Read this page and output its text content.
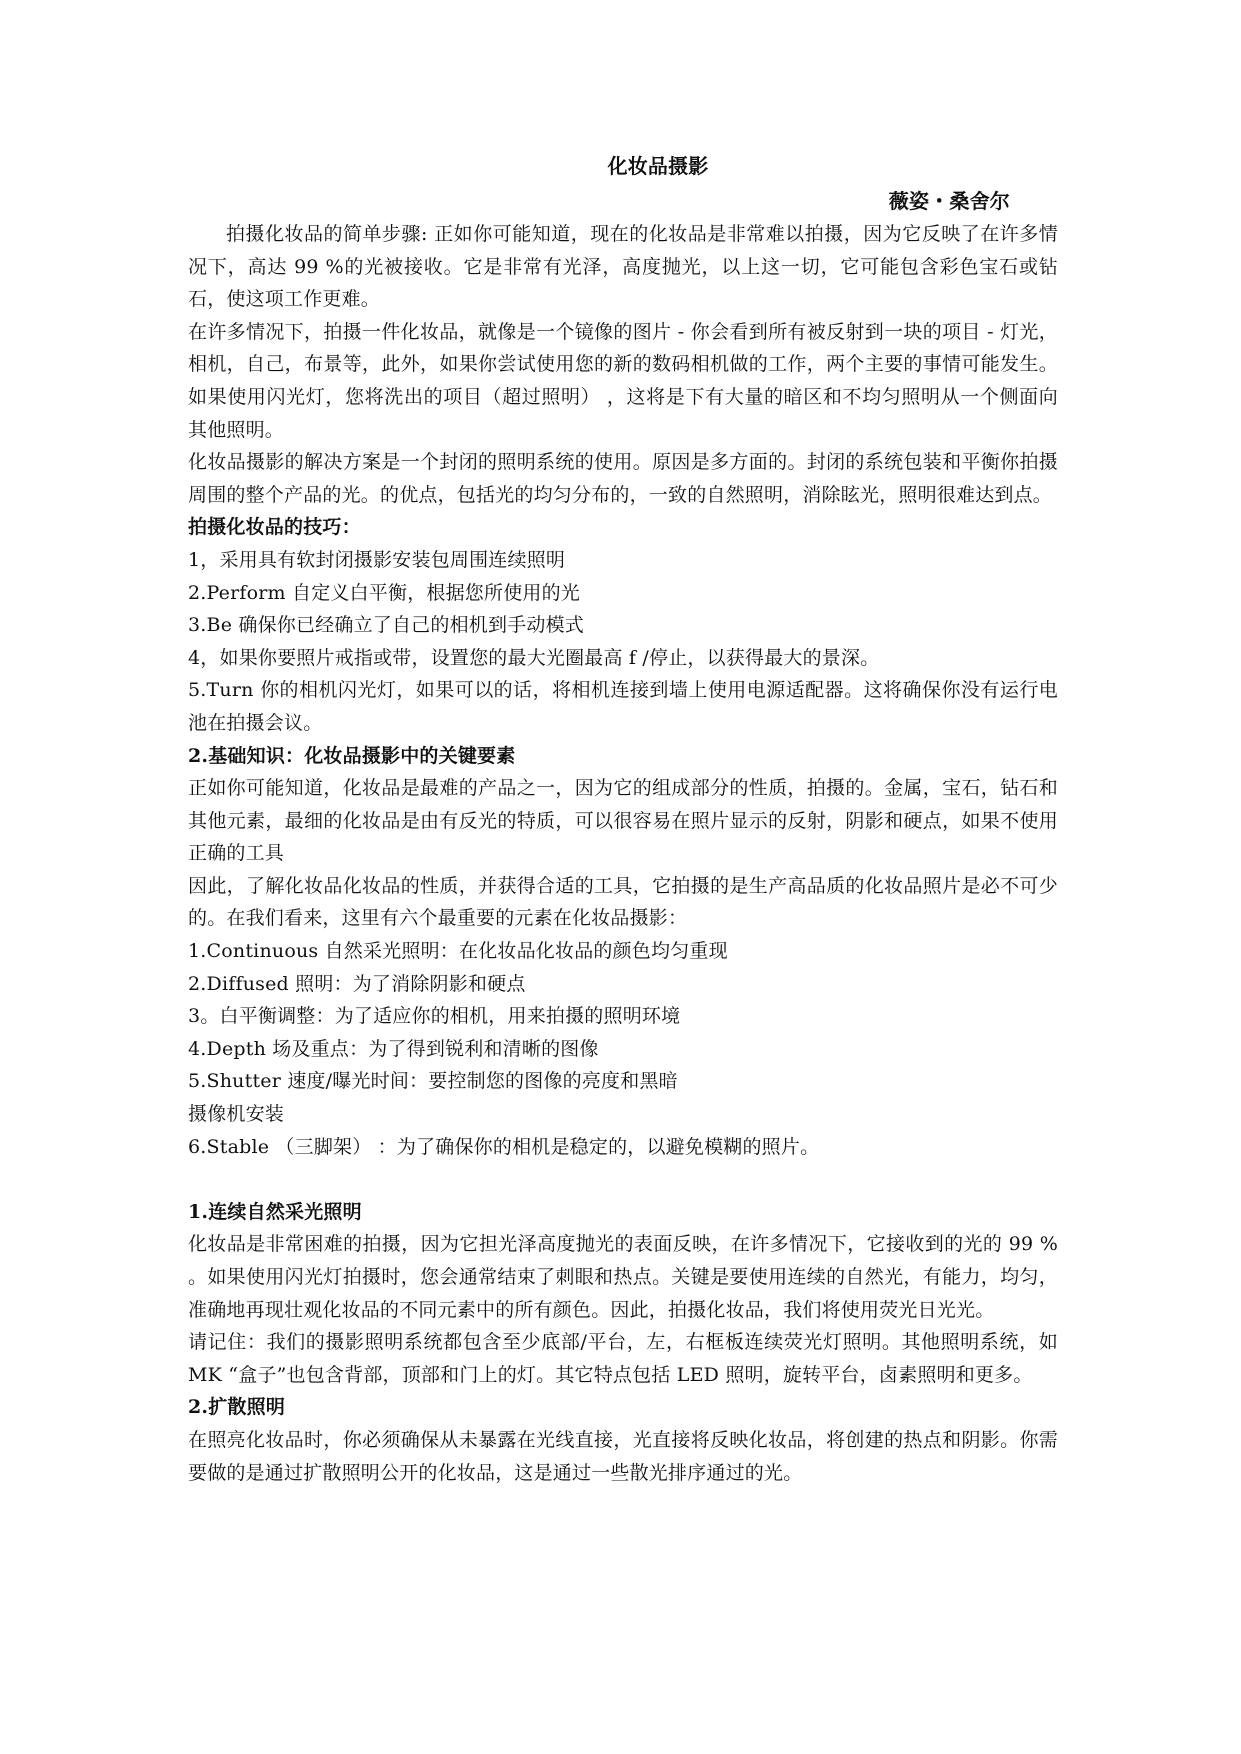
化妆品摄影
薇姿・桑舍尔

拍摄化妆品的简单步骤: 正如你可能知道，现在的化妆品是非常难以拍摄，因为它反映了在许多情况下，高达 99 %的光被接收。它是非常有光泽，高度抛光，以上这一切，它可能包含彩色宝石或钻石，使这项工作更难。

在许多情况下，拍摄一件化妆品，就像是一个镜像的图片 - 你会看到所有被反射到一块的项目 - 灯光，相机，自己，布景等，此外，如果你尝试使用您的新的数码相机做的工作，两个主要的事情可能发生。如果使用闪光灯，您将洗出的项目（超过照明） ，这将是下有大量的暗区和不均匀照明从一个侧面向其他照明。

化妆品摄影的解决方案是一个封闭的照明系统的使用。原因是多方面的。封闭的系统包装和平衡你拍摄周围的整个产品的光。的优点，包括光的均匀分布的，一致的自然照明，消除眩光，照明很难达到点。

拍摄化妆品的技巧：

1，采用具有软封闭摄影安装包周围连续照明

2.Perform 自定义白平衡，根据您所使用的光

3.Be 确保你已经确立了自己的相机到手动模式

4，如果你要照片戒指或带，设置您的最大光圈最高 f /停止，以获得最大的景深。

5.Turn 你的相机闪光灯，如果可以的话，将相机连接到墙上使用电源适配器。这将确保你没有运行电池在拍摄会议。

2.基础知识：化妆品摄影中的关键要素

正如你可能知道，化妆品是最难的产品之一，因为它的组成部分的性质，拍摄的。金属，宝石，钻石和其他元素，最细的化妆品是由有反光的特质，可以很容易在照片显示的反射，阴影和硬点，如果不使用正确的工具

因此，了解化妆品化妆品的性质，并获得合适的工具，它拍摄的是生产高品质的化妆品照片是必不可少的。在我们看来，这里有六个最重要的元素在化妆品摄影：

1.Continuous 自然采光照明：在化妆品化妆品的颜色均匀重现

2.Diffused 照明：为了消除阴影和硬点

3。白平衡调整：为了适应你的相机，用来拍摄的照明环境

4.Depth 场及重点：为了得到锐利和清晰的图像

5.Shutter 速度/曝光时间：要控制您的图像的亮度和黑暗

摄像机安装

6.Stable （三脚架） ：为了确保你的相机是稳定的，以避免模糊的照片。

1.连续自然采光照明

化妆品是非常困难的拍摄，因为它担光泽高度抛光的表面反映，在许多情况下，它接收到的光的 99 % 。如果使用闪光灯拍摄时，您会通常结束了刺眼和热点。关键是要使用连续的自然光，有能力，均匀，准确地再现壮观化妆品的不同元素中的所有颜色。因此，拍摄化妆品，我们将使用荧光日光光。

请记住：我们的摄影照明系统都包含至少底部/平台，左，右框板连续荧光灯照明。其他照明系统，如 MK “盒子”也包含背部，顶部和门上的灯。其它特点包括 LED 照明，旋转平台，卤素照明和更多。

2.扩散照明

在照亮化妆品时，你必须确保从未暴露在光线直接，光直接将反映化妆品，将创建的热点和阴影。你需要做的是通过扩散照明公开的化妆品，这是通过一些散光排序通过的光。
